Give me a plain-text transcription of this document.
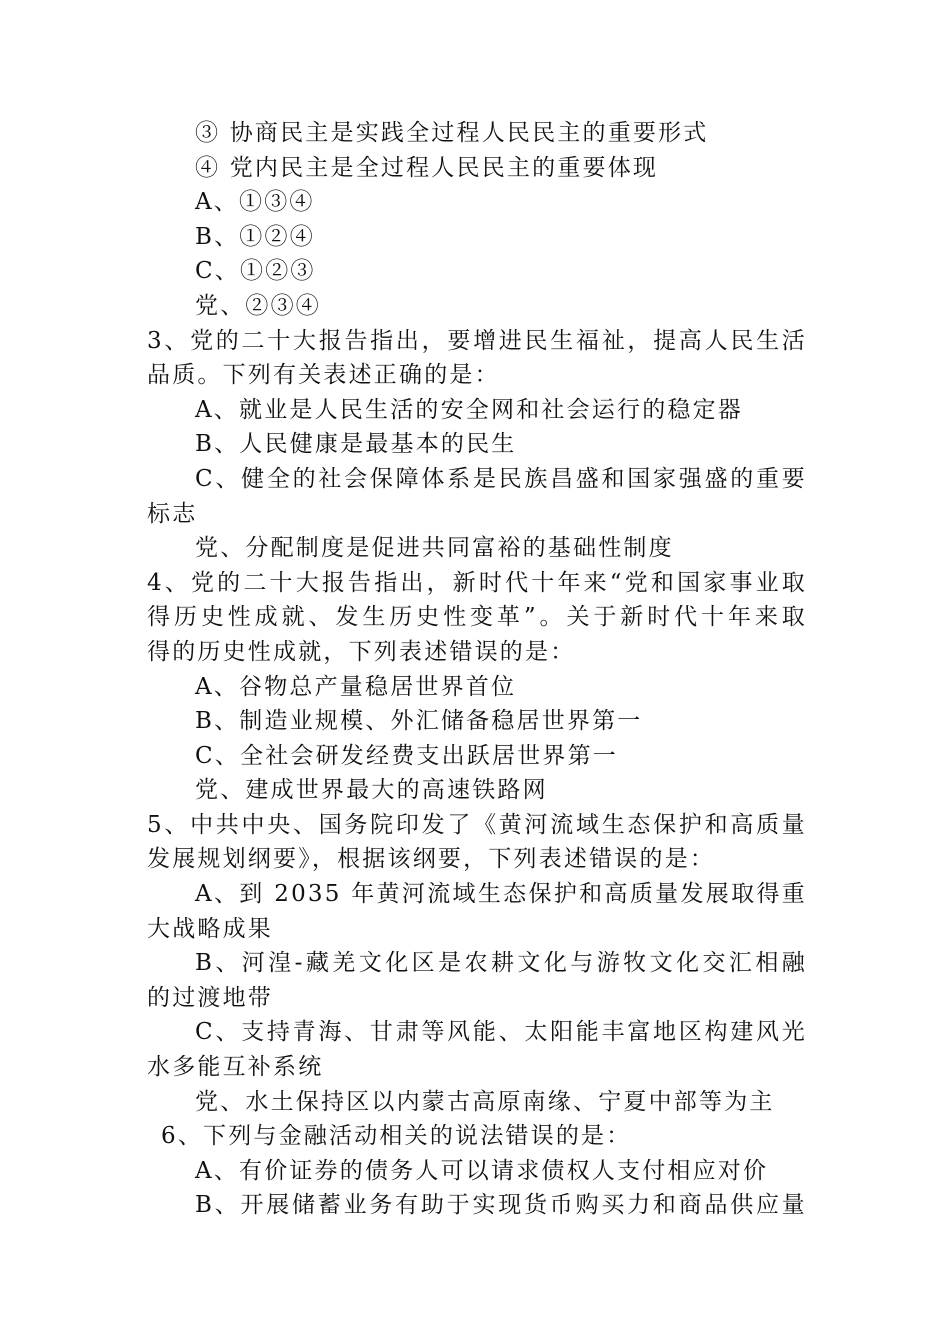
③ 协商民主是实践全过程人民民主的重要形式
④ 党内民主是全过程人民民主的重要体现
A、①③④
B、①②④
C、①②③
党、②③④
3、党的二十大报告指出，要增进民生福祉，提高人民生活
品质。下列有关表述正确的是：
A、就业是人民生活的安全网和社会运行的稳定器
B、人民健康是最基本的民生
C、健全的社会保障体系是民族昌盛和国家强盛的重要
标志
党、分配制度是促进共同富裕的基础性制度
4、党的二十大报告指出，新时代十年来“党和国家事业取
得历史性成就、发生历史性变革”。关于新时代十年来取
得的历史性成就，下列表述错误的是：
A、谷物总产量稳居世界首位
B、制造业规模、外汇储备稳居世界第一
C、全社会研发经费支出跃居世界第一
党、建成世界最大的高速铁路网
5、中共中央、国务院印发了《黄河流域生态保护和高质量
发展规划纲要》，根据该纲要，下列表述错误的是：
A、到 2035 年黄河流域生态保护和高质量发展取得重
大战略成果
B、河湟-藏羌文化区是农耕文化与游牧文化交汇相融
的过渡地带
C、支持青海、甘肃等风能、太阳能丰富地区构建风光
水多能互补系统
党、水土保持区以内蒙古高原南缘、宁夏中部等为主
6、下列与金融活动相关的说法错误的是：
A、有价证券的债务人可以请求债权人支付相应对价
B、开展储蓄业务有助于实现货币购买力和商品供应量
